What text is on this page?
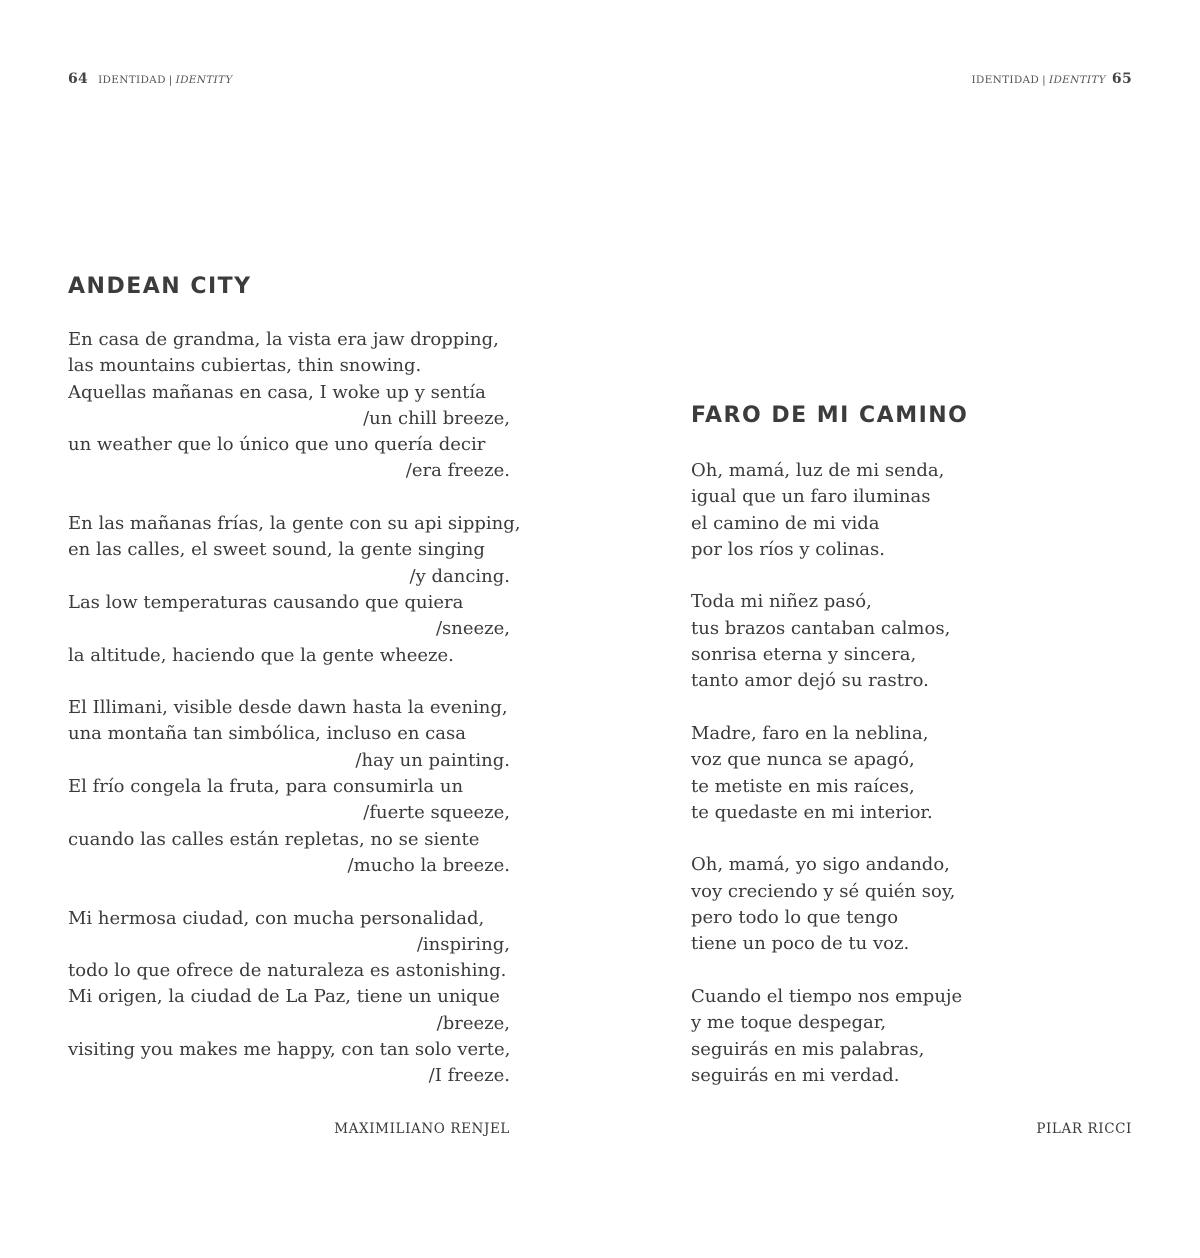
64 IDENTIDAD | IDENTITY
ANDEAN CITY
En casa de grandma, la vista era jaw dropping,
las mountains cubiertas, thin snowing.
Aquellas mañanas en casa, I woke up y sentía
/un chill breeze,
un weather que lo único que uno quería decir
/era freeze.
En las mañanas frías, la gente con su api sipping,
en las calles, el sweet sound, la gente singing
/y dancing.
Las low temperaturas causando que quiera
/sneeze,
la altitude, haciendo que la gente wheeze.
El Illimani, visible desde dawn hasta la evening,
una montaña tan simbólica, incluso en casa
/hay un painting.
El frío congela la fruta, para consumirla un
/fuerte squeeze,
cuando las calles están repletas, no se siente
/mucho la breeze.
Mi hermosa ciudad, con mucha personalidad,
/inspiring,
todo lo que ofrece de naturaleza es astonishing.
Mi origen, la ciudad de La Paz, tiene un unique
/breeze,
visiting you makes me happy, con tan solo verte,
/I freeze.
MAXIMILIANO RENJEL
IDENTIDAD | IDENTITY 65
FARO DE MI CAMINO
Oh, mamá, luz de mi senda,
igual que un faro iluminas
el camino de mi vida
por los ríos y colinas.
Toda mi niñez pasó,
tus brazos cantaban calmos,
sonrisa eterna y sincera,
tanto amor dejó su rastro.
Madre, faro en la neblina,
voz que nunca se apagó,
te metiste en mis raíces,
te quedaste en mi interior.
Oh, mamá, yo sigo andando,
voy creciendo y sé quién soy,
pero todo lo que tengo
tiene un poco de tu voz.
Cuando el tiempo nos empuje
y me toque despegar,
seguirás en mis palabras,
seguirás en mi verdad.
PILAR RICCI
